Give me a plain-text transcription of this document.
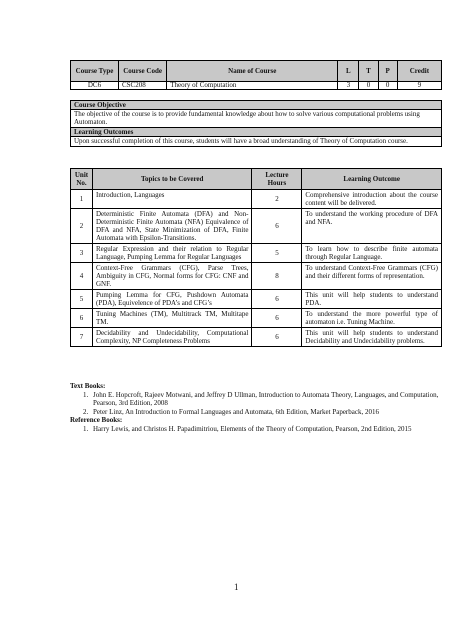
Course Type	Course Code	Name of Course	L	T	P	Credit
DC6	CSC208	Theory of Computation	3	0	0	9
Course Objective
The objective of the course is to provide fundamental knowledge about how to solve various computational problems using Automaton.
Learning Outcomes
Upon successful completion of this course, students will have a broad understanding of Theory of Computation course.
Unit No.	Topics to be Covered	Lecture Hours	Learning Outcome
1	Introduction, Languages	2	Comprehensive introduction about the course content will be delivered.
2	Deterministic Finite Automata (DFA) and Non-Deterministic Finite Automata (NFA) Equivalence of DFA and NFA, State Minimization of DFA, Finite Automata with Epsilon-Transitions.	6	To understand the working procedure of DFA and NFA.
3	Regular Expression and their relation to Regular Language, Pumping Lemma for Regular Languages	5	To learn how to describe finite automata through Regular Language.
4	Context-Free Grammars (CFG), Parse Trees, Ambiguity in CFG, Normal forms for CFG: CNF and GNF.	8	To understand Context-Free Grammars (CFG) and their different forms of representation.
5	Pumping Lemma for CFG, Pushdown Automata (PDA), Equivelence of PDA’s and CFG’s	6	This unit will help students to understand PDA.
6	Tuning Machines (TM), Multitrack TM, Multitape TM.	6	To understand the more powerful type of automaton i.e. Tuning Machine.
7	Decidability and Undecidability, Computational Complexity, NP Completeness Problems	6	This unit will help students to understand Decidability and Undecidability problems.
Text Books:
1. John E. Hopcroft, Rajeev Motwani, and Jeffrey D Ullman, Introduction to Automata Theory, Languages, and Computation, Pearson, 3rd Edition, 2008
2. Peter Linz, An Introduction to Formal Languages and Automata, 6th Edition, Market Paperback, 2016
Reference Books:
1. Harry Lewis, and Christos H. Papadimitriou, Elements of the Theory of Computation, Pearson, 2nd Edition, 2015
1
